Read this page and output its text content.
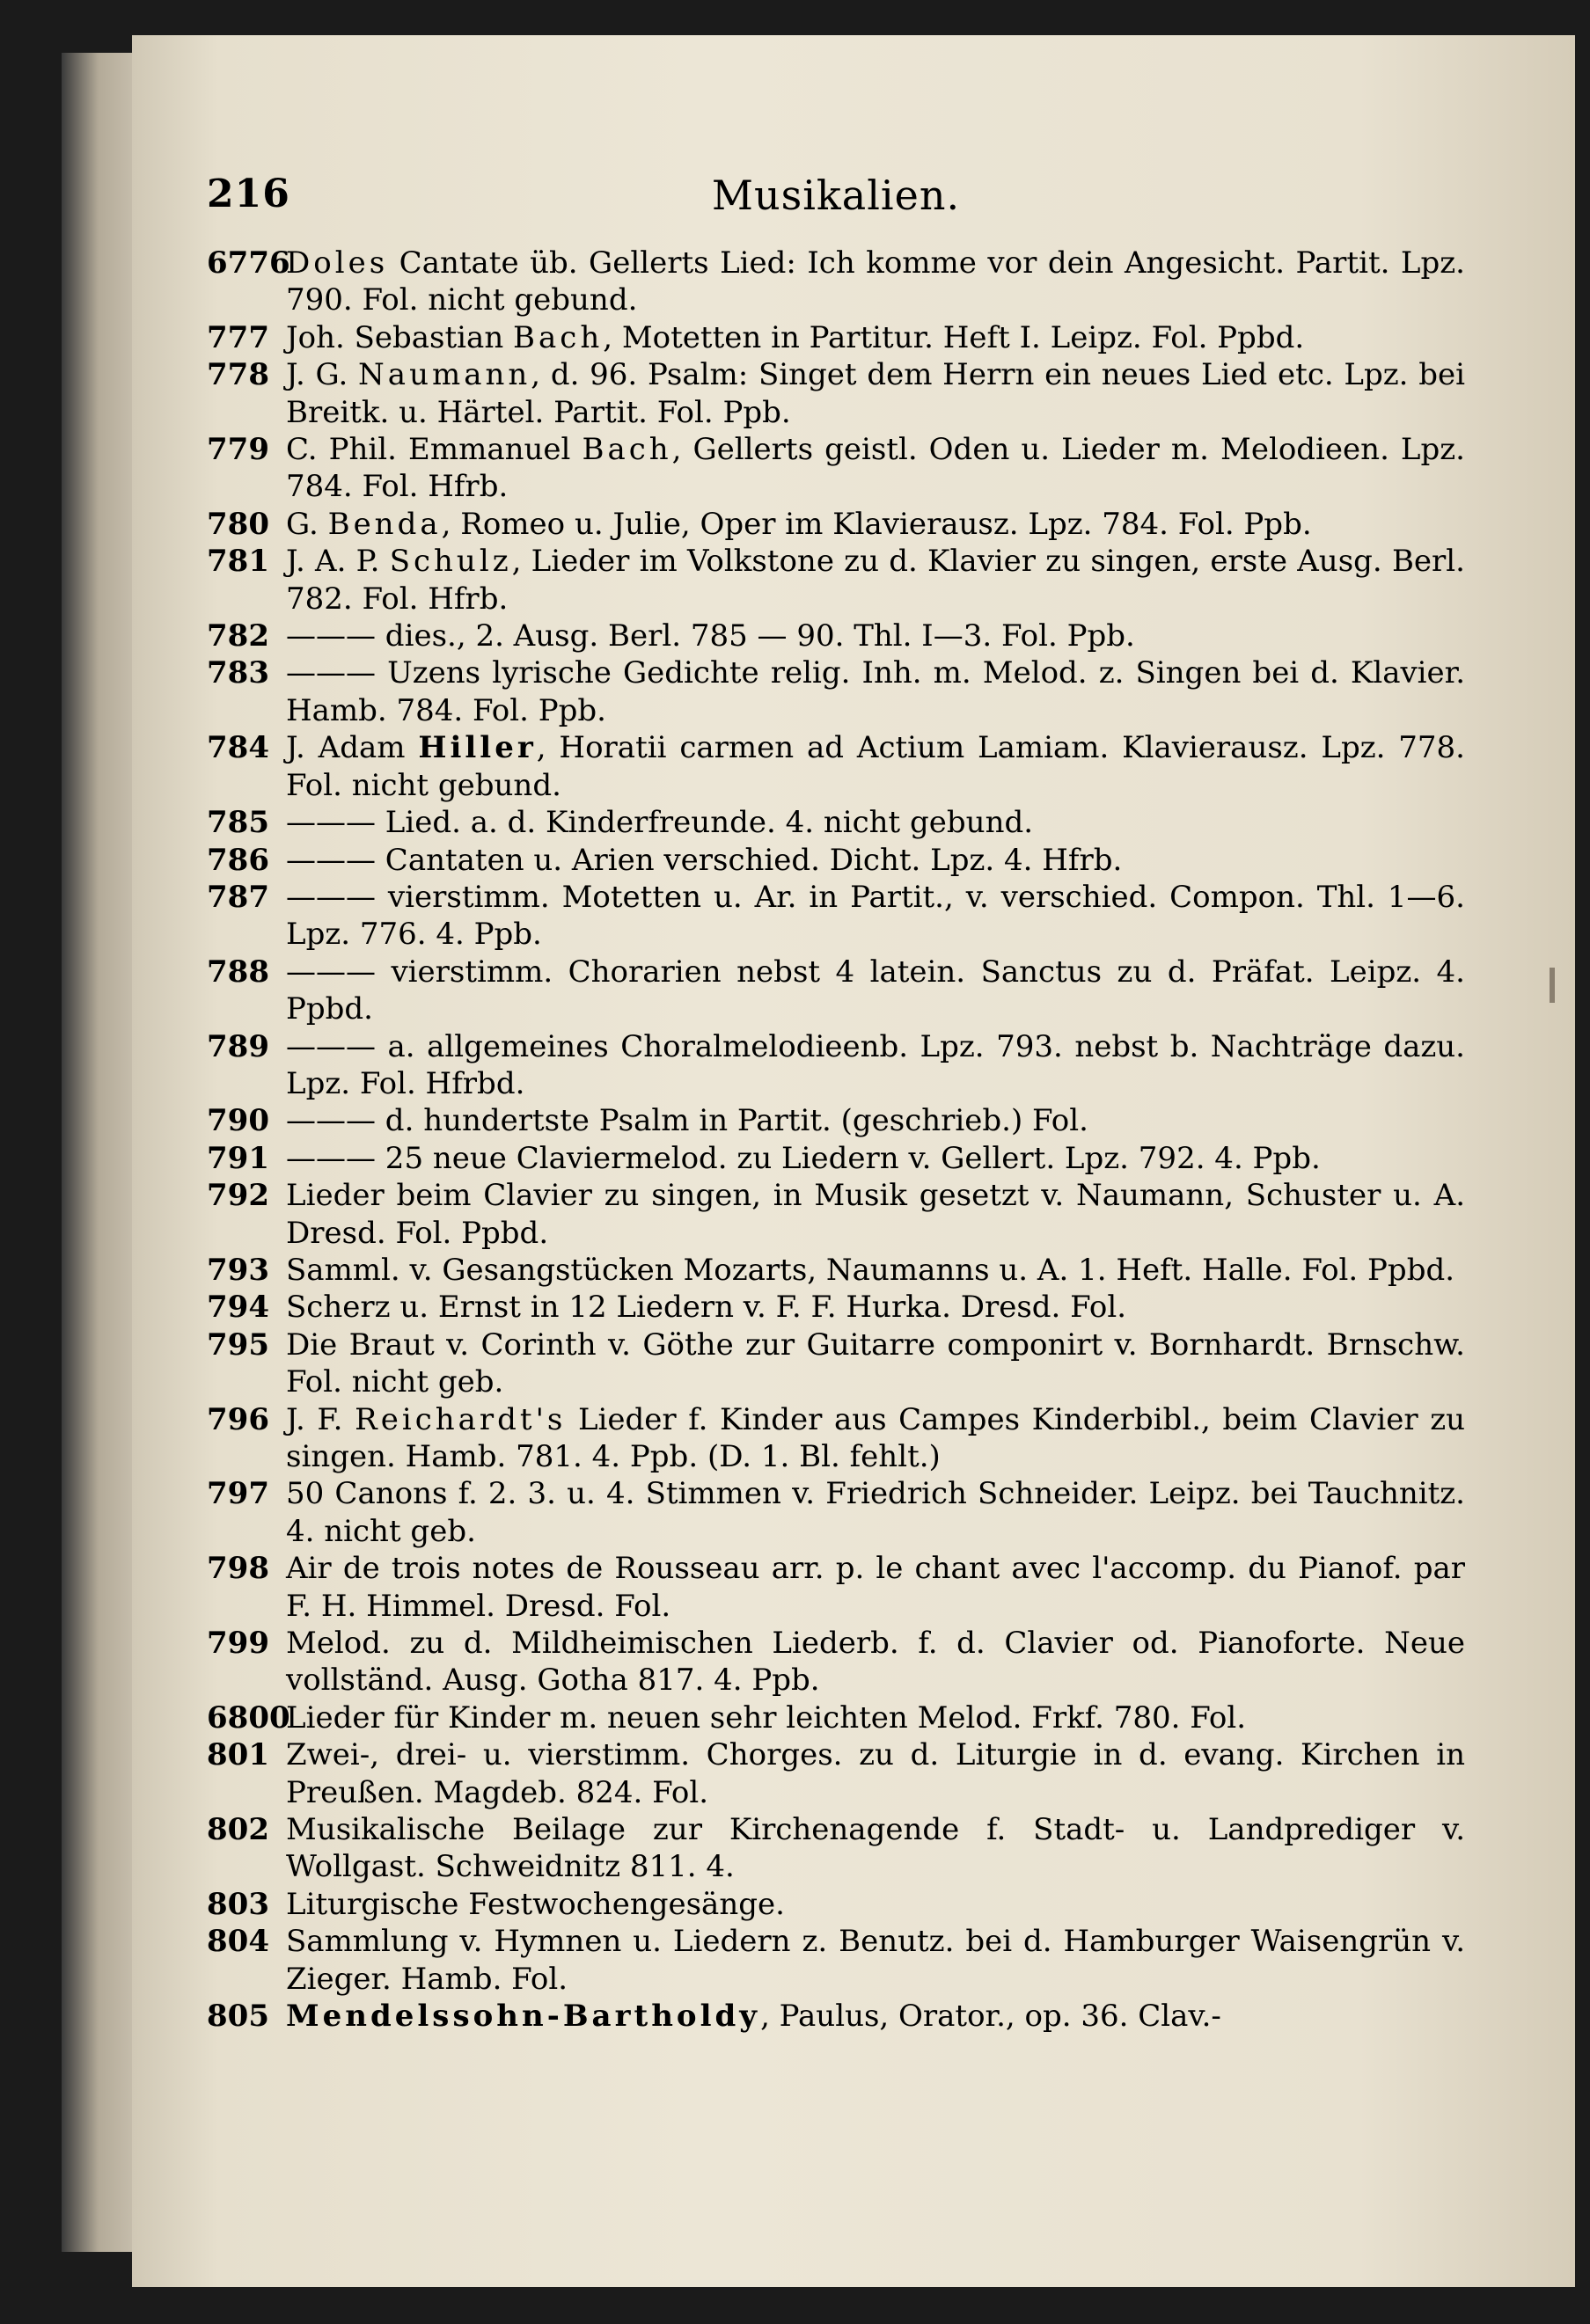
216	Musikalien.
6776
Doles Cantate üb. Gellerts Lied: Ich komme vor dein Angesicht. Partit. Lpz. 790. Fol. nicht gebund.
777 Joh. Sebastian Bach, Motetten in Partitur. Heft I. Leipz. Fol. Ppbd.
778 J. G. Naumann, d. 96. Psalm: Singet dem Herrn ein neues Lied etc. Lpz. bei Breitk. u. Härtel. Partit. Fol. Ppb.
779 C. Phil. Emmanuel Bach, Gellerts geistl. Oden u. Lieder m. Melodieen. Lpz. 784. Fol. Hfrb.
780 G. Benda, Romeo u. Julie, Oper im Klavierausz. Lpz. 784. Fol. Ppb.
781 J. A. P. Schulz, Lieder im Volkstone zu d. Klavier zu singen, erste Ausg. Berl. 782. Fol. Hfrb.
782 ——— dies., 2. Ausg. Berl. 785 — 90. Thl. I—3. Fol. Ppb.
783 ——— Uzens lyrische Gedichte relig. Inh. m. Melod. z. Singen bei d. Klavier. Hamb. 784. Fol. Ppb.
784 J. Adam Hiller, Horatii carmen ad Actium Lamiam. Klavierausz. Lpz. 778. Fol. nicht gebund.
785 ——— Lied. a. d. Kinderfreunde. 4. nicht gebund.
786 ——— Cantaten u. Arien verschied. Dicht. Lpz. 4. Hfrb.
787 ——— vierstimm. Motetten u. Ar. in Partit., v. verschied. Compon. Thl. 1—6. Lpz. 776. 4. Ppb.
788 ——— vierstimm. Chorarien nebst 4 latein. Sanctus zu d. Präfat. Leipz. 4. Ppbd.
789 ——— a. allgemeines Choralmelodieenb. Lpz. 793. nebst b. Nachträge dazu. Lpz. Fol. Hfrbd.
790 ——— d. hundertste Psalm in Partit. (geschrieb.) Fol.
791 ——— 25 neue Claviermelod. zu Liedern v. Gellert. Lpz. 792. 4. Ppb.
792 Lieder beim Clavier zu singen, in Musik gesetzt v. Naumann, Schuster u. A. Dresd. Fol. Ppbd.
793 Samml. v. Gesangstücken Mozarts, Naumanns u. A. 1. Heft. Halle. Fol. Ppbd.
794 Scherz u. Ernst in 12 Liedern v. F. F. Hurka. Dresd. Fol.
795 Die Braut v. Corinth v. Göthe zur Guitarre componirt v. Bornhardt. Brnschw. Fol. nicht geb.
796 J. F. Reichardt's Lieder f. Kinder aus Campes Kinderbibl., beim Clavier zu singen. Hamb. 781. 4. Ppb. (D. 1. Bl. fehlt.)
797 50 Canons f. 2. 3. u. 4. Stimmen v. Friedrich Schneider. Leipz. bei Tauchnitz. 4. nicht geb.
798 Air de trois notes de Rousseau arr. p. le chant avec l'accomp. du Pianof. par F. H. Himmel. Dresd. Fol.
799 Melod. zu d. Mildheimischen Liederb. f. d. Clavier od. Pianoforte. Neue vollständ. Ausg. Gotha 817. 4. Ppb.
6800
Lieder für Kinder m. neuen sehr leichten Melod. Frkf. 780. Fol.
801 Zwei-, drei- u. vierstimm. Chorges. zu d. Liturgie in d. evang. Kirchen in Preußen. Magdeb. 824. Fol.
802 Musikalische Beilage zur Kirchenagende f. Stadt- u. Landprediger v. Wollgast. Schweidnitz 811. 4.
803 Liturgische Festwochengesänge.
804 Sammlung v. Hymnen u. Liedern z. Benutz. bei d. Hamburger Waisengrün v. Zieger. Hamb. Fol.
805 Mendelssohn-Bartholdy, Paulus, Orator., op. 36. Clav.-
